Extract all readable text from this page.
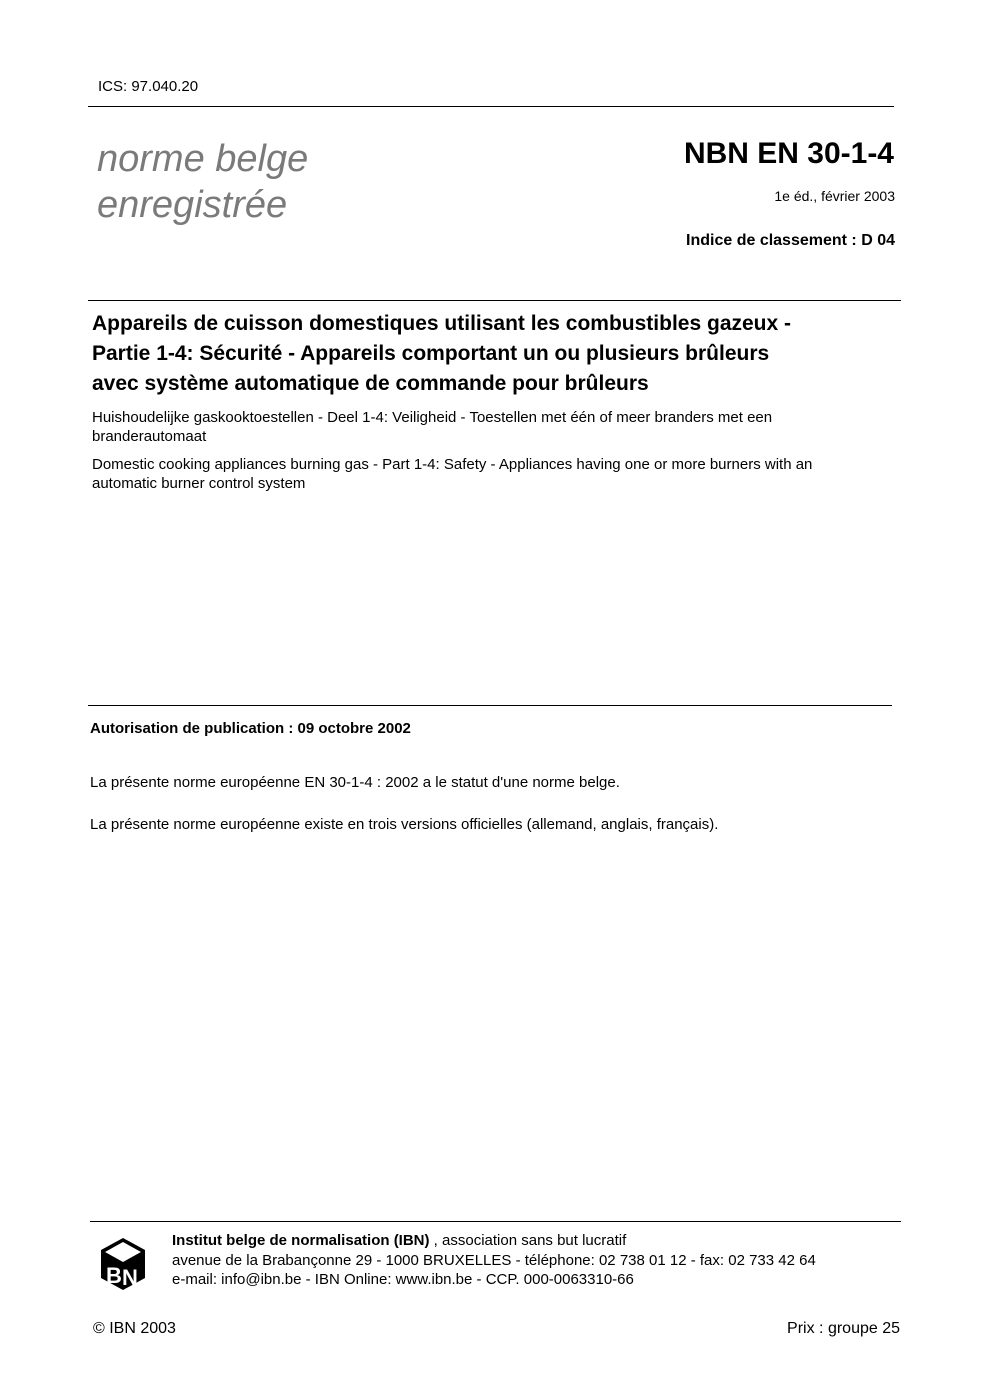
ICS: 97.040.20
norme belge
enregistrée
NBN EN 30-1-4
1e éd., février 2003
Indice de classement : D 04
Appareils de cuisson domestiques utilisant les combustibles gazeux -
Partie 1-4: Sécurité - Appareils comportant un ou plusieurs brûleurs
avec système automatique de commande pour brûleurs
Huishoudelijke gaskooktoestellen - Deel 1-4: Veiligheid - Toestellen met één of meer branders met een
branderautomaat
Domestic cooking appliances burning gas - Part 1-4: Safety - Appliances having one or more burners with an
automatic burner control system
Autorisation de publication : 09 octobre 2002
La présente norme européenne EN 30-1-4 : 2002 a le statut d'une norme belge.
La présente norme européenne existe en trois versions officielles (allemand, anglais, français).
B N
Institut belge de normalisation (IBN) , association sans but lucratif
avenue de la Brabançonne 29 - 1000 BRUXELLES - téléphone: 02 738 01 12 - fax: 02 733 42 64
e-mail: info@ibn.be - IBN Online: www.ibn.be - CCP. 000-0063310-66
© IBN 2003	Prix : groupe 25
